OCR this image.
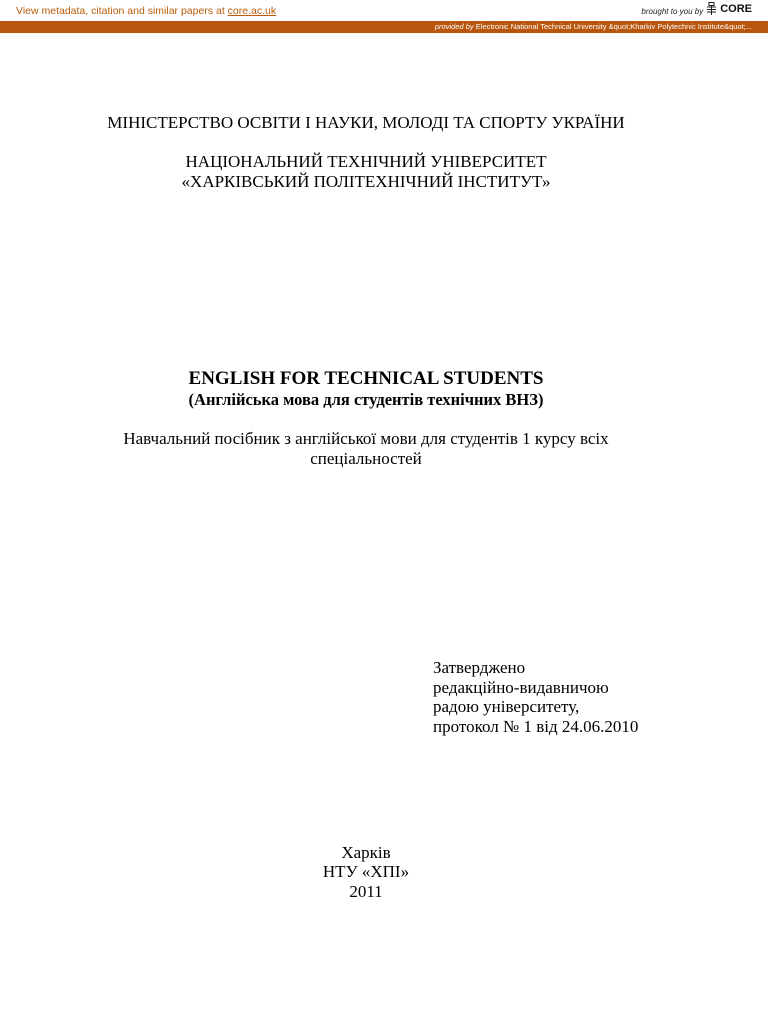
View metadata, citation and similar papers at core.ac.uk	brought to you by CORE
provided by Electronic National Technical University &quot;Kharkiv Polytechnic Institute&quot;...
МІНІСТЕРСТВО ОСВІТИ І НАУКИ, МОЛОДІ ТА СПОРТУ УКРАЇНИ
НАЦІОНАЛЬНИЙ ТЕХНІЧНИЙ УНІВЕРСИТЕТ
«ХАРКІВСЬКИЙ ПОЛІТЕХНІЧНИЙ ІНСТИТУТ»
ENGLISH FOR TECHNICAL STUDENTS
(Англійська мова для студентів технічних ВНЗ)
Навчальний посібник з англійської мови для студентів 1 курсу всіх
спеціальностей
Затверджено
редакційно-видавничою
радою університету,
протокол № 1 від 24.06.2010
Харків
НТУ «ХПІ»
2011
